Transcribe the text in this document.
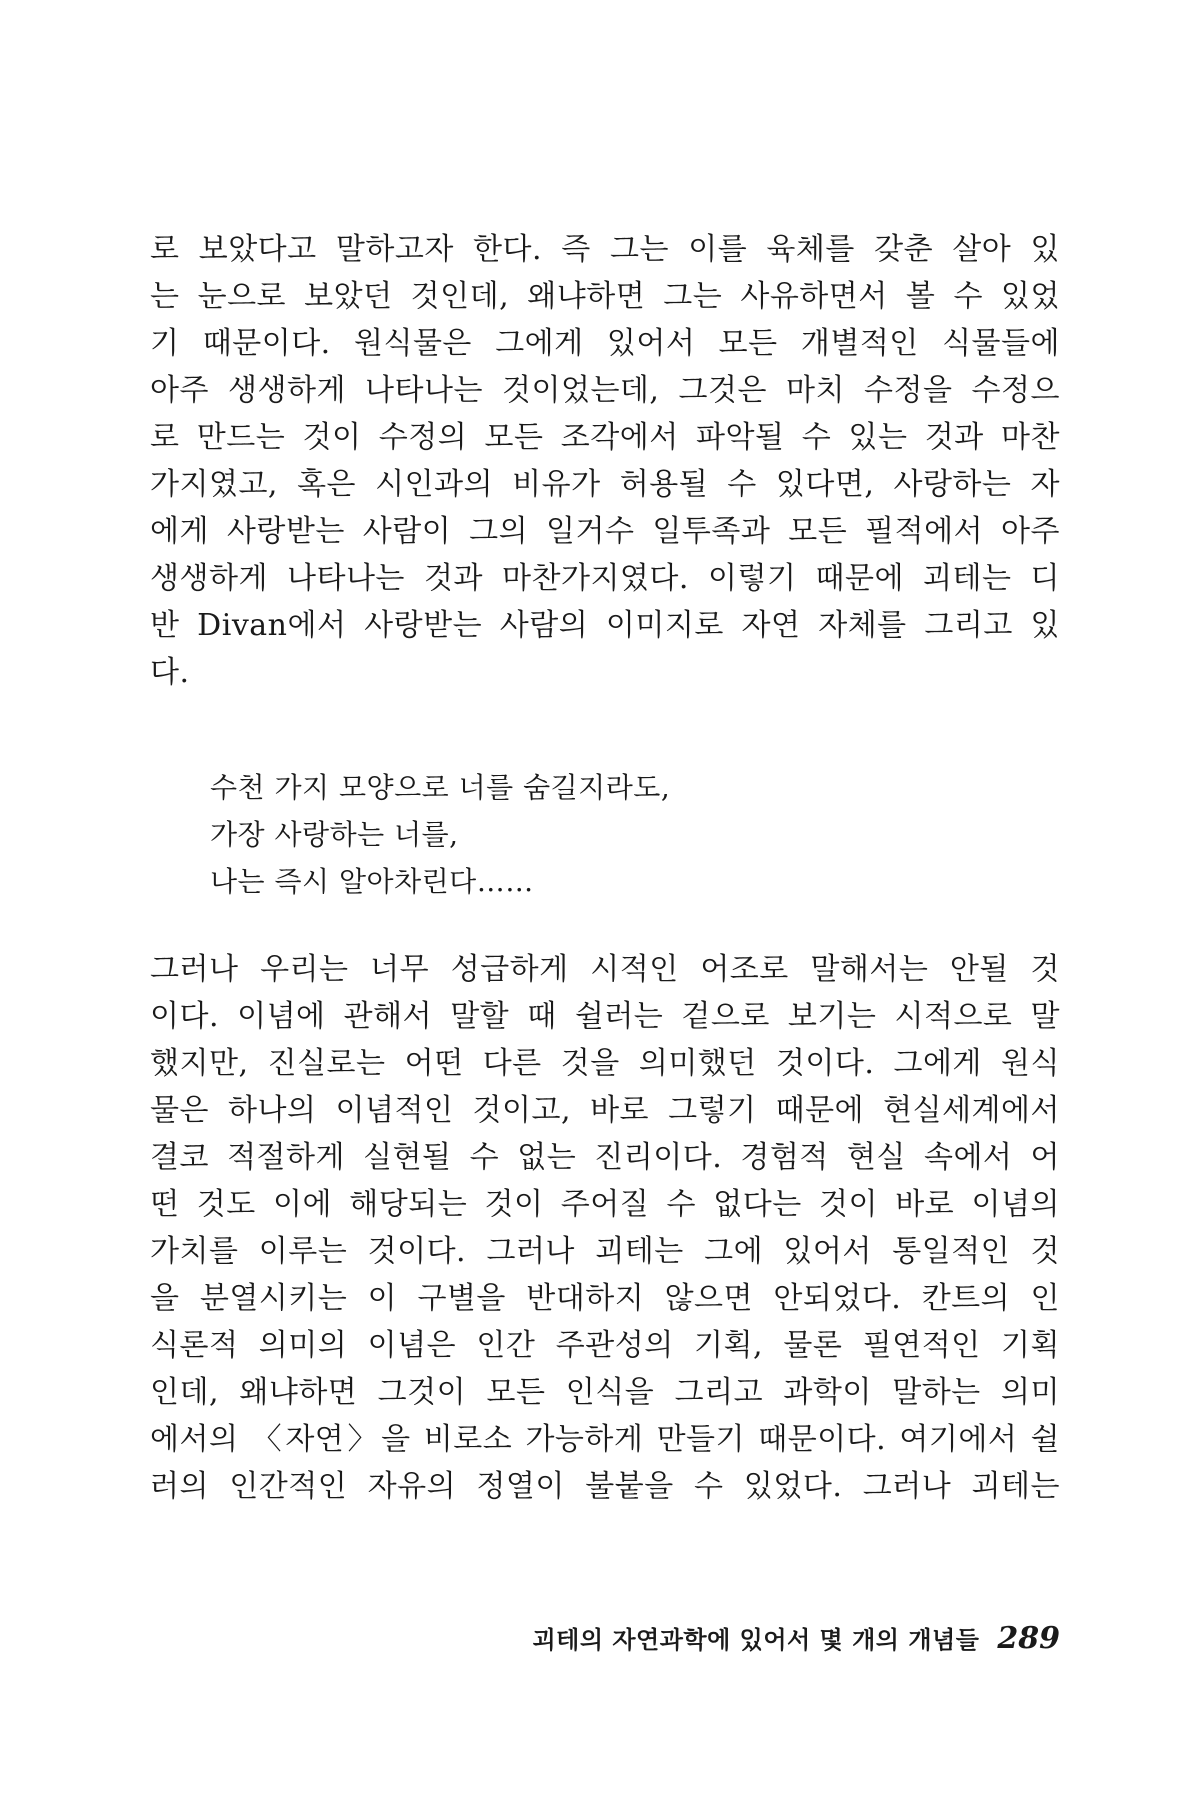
로 보았다고 말하고자 한다. 즉 그는 이를 육체를 갖춘 살아 있
는 눈으로 보았던 것인데, 왜냐하면 그는 사유하면서 볼 수 있었
기 때문이다. 원식물은 그에게 있어서 모든 개별적인 식물들에
아주 생생하게 나타나는 것이었는데, 그것은 마치 수정을 수정으
로 만드는 것이 수정의 모든 조각에서 파악될 수 있는 것과 마찬
가지였고, 혹은 시인과의 비유가 허용될 수 있다면, 사랑하는 자
에게 사랑받는 사람이 그의 일거수 일투족과 모든 필적에서 아주
생생하게 나타나는 것과 마찬가지였다. 이렇기 때문에 괴테는 디
반 Divan에서 사랑받는 사람의 이미지로 자연 자체를 그리고 있
다.
수천 가지 모양으로 너를 숨길지라도,
가장 사랑하는 너를,
나는 즉시 알아차린다……
그러나 우리는 너무 성급하게 시적인 어조로 말해서는 안될 것
이다. 이념에 관해서 말할 때 쉴러는 겉으로 보기는 시적으로 말
했지만, 진실로는 어떤 다른 것을 의미했던 것이다. 그에게 원식
물은 하나의 이념적인 것이고, 바로 그렇기 때문에 현실세계에서
결코 적절하게 실현될 수 없는 진리이다. 경험적 현실 속에서 어
떤 것도 이에 해당되는 것이 주어질 수 없다는 것이 바로 이념의
가치를 이루는 것이다. 그러나 괴테는 그에 있어서 통일적인 것
을 분열시키는 이 구별을 반대하지 않으면 안되었다. 칸트의 인
식론적 의미의 이념은 인간 주관성의 기획, 물론 필연적인 기획
인데, 왜냐하면 그것이 모든 인식을 그리고 과학이 말하는 의미
에서의 〈자연〉을 비로소 가능하게 만들기 때문이다. 여기에서 쉴
러의 인간적인 자유의 정열이 불붙을 수 있었다. 그러나 괴테는
괴테의 자연과학에 있어서 몇 개의 개념들 289
